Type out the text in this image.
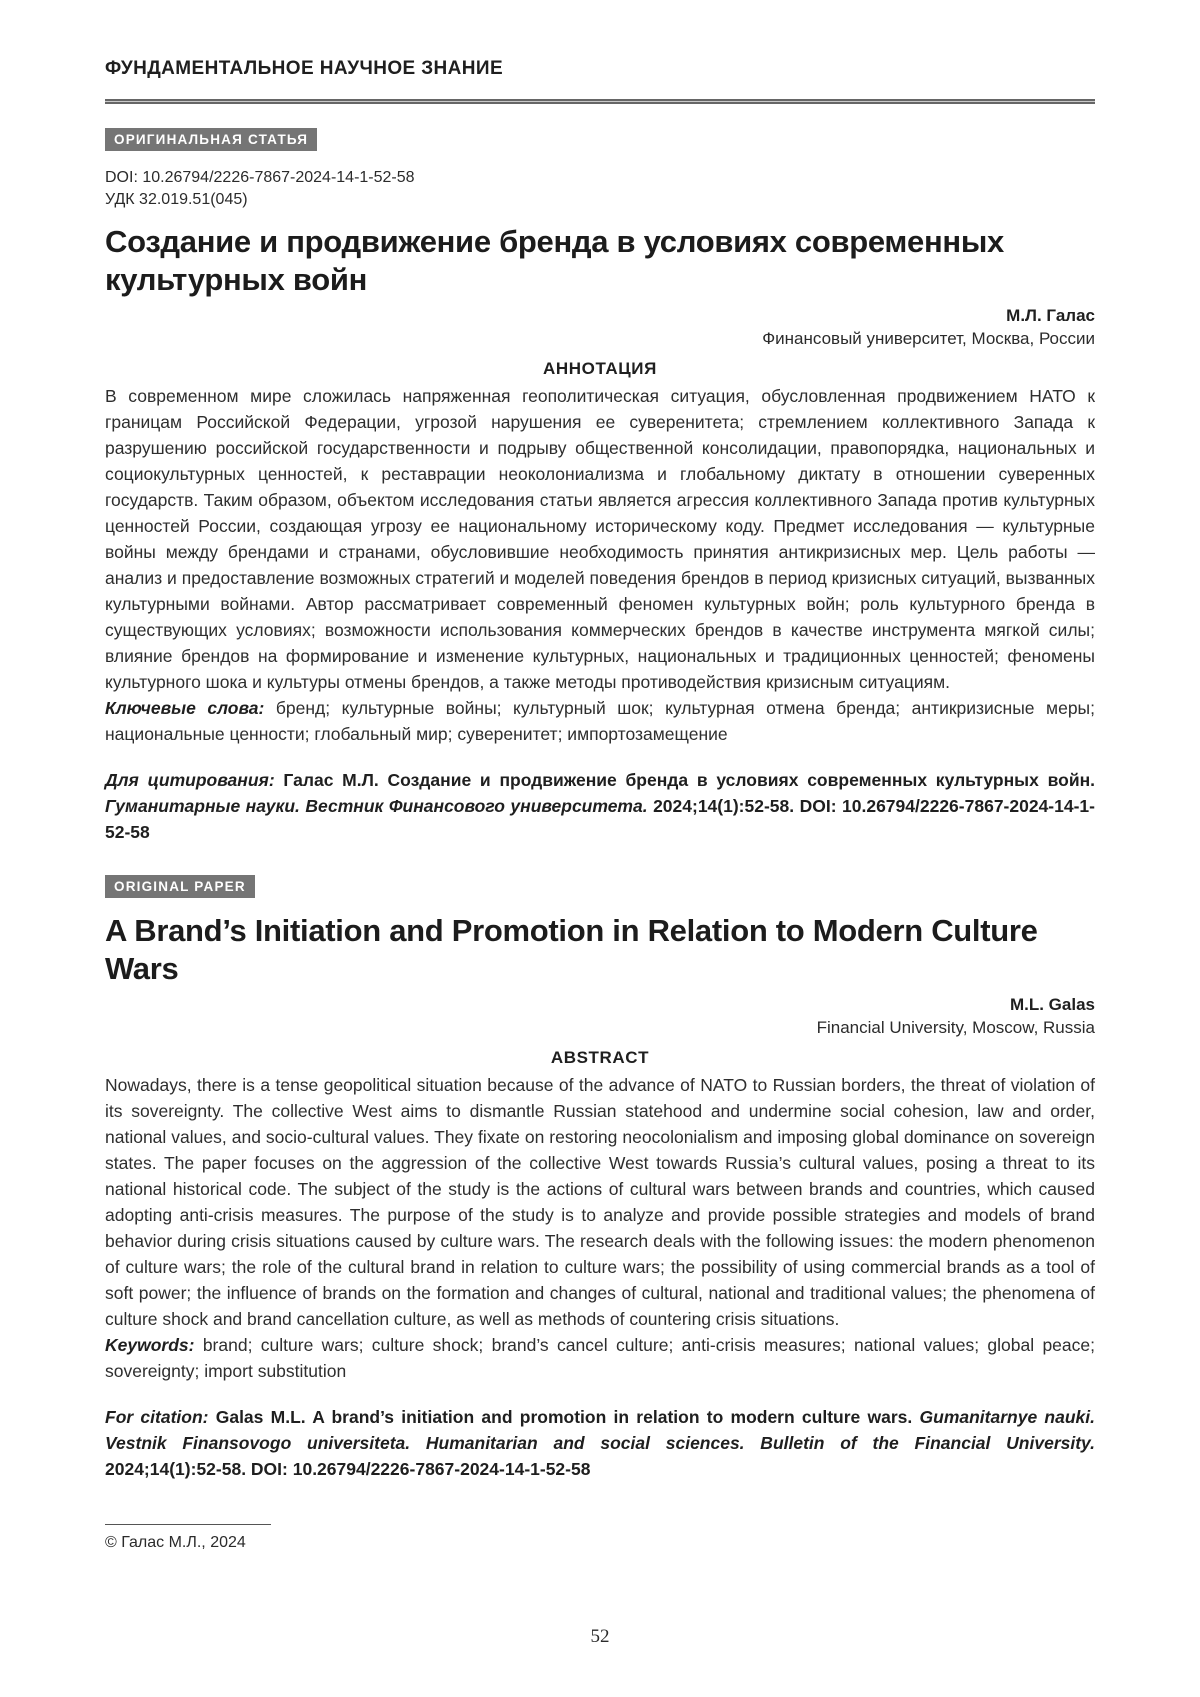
ФУНДАМЕНТАЛЬНОЕ НАУЧНОЕ ЗНАНИЕ
ОРИГИНАЛЬНАЯ СТАТЬЯ
DOI: 10.26794/2226-7867-2024-14-1-52-58
УДК 32.019.51(045)
Создание и продвижение бренда в условиях современных культурных войн
М.Л. Галас
Финансовый университет, Москва, России
АННОТАЦИЯ
В современном мире сложилась напряженная геополитическая ситуация, обусловленная продвижением НАТО к границам Российской Федерации, угрозой нарушения ее суверенитета; стремлением коллективного Запада к разрушению российской государственности и подрыву общественной консолидации, правопорядка, национальных и социокультурных ценностей, к реставрации неоколониализма и глобальному диктату в отношении суверенных государств. Таким образом, объектом исследования статьи является агрессия коллективного Запада против культурных ценностей России, создающая угрозу ее национальному историческому коду. Предмет исследования — культурные войны между брендами и странами, обусловившие необходимость принятия антикризисных мер. Цель работы — анализ и предоставление возможных стратегий и моделей поведения брендов в период кризисных ситуаций, вызванных культурными войнами. Автор рассматривает современный феномен культурных войн; роль культурного бренда в существующих условиях; возможности использования коммерческих брендов в качестве инструмента мягкой силы; влияние брендов на формирование и изменение культурных, национальных и традиционных ценностей; феномены культурного шока и культуры отмены брендов, а также методы противодействия кризисным ситуациям.
Ключевые слова: бренд; культурные войны; культурный шок; культурная отмена бренда; антикризисные меры; национальные ценности; глобальный мир; суверенитет; импортозамещение
Для цитирования: Галас М.Л. Создание и продвижение бренда в условиях современных культурных войн. Гуманитарные науки. Вестник Финансового университета. 2024;14(1):52-58. DOI: 10.26794/2226-7867-2024-14-1-52-58
ORIGINAL PAPER
A Brand’s Initiation and Promotion in Relation to Modern Culture Wars
M.L. Galas
Financial University, Moscow, Russia
ABSTRACT
Nowadays, there is a tense geopolitical situation because of the advance of NATO to Russian borders, the threat of violation of its sovereignty. The collective West aims to dismantle Russian statehood and undermine social cohesion, law and order, national values, and socio-cultural values. They fixate on restoring neocolonialism and imposing global dominance on sovereign states. The paper focuses on the aggression of the collective West towards Russia’s cultural values, posing a threat to its national historical code. The subject of the study is the actions of cultural wars between brands and countries, which caused adopting anti-crisis measures. The purpose of the study is to analyze and provide possible strategies and models of brand behavior during crisis situations caused by culture wars. The research deals with the following issues: the modern phenomenon of culture wars; the role of the cultural brand in relation to culture wars; the possibility of using commercial brands as a tool of soft power; the influence of brands on the formation and changes of cultural, national and traditional values; the phenomena of culture shock and brand cancellation culture, as well as methods of countering crisis situations.
Keywords: brand; culture wars; culture shock; brand’s cancel culture; anti-crisis measures; national values; global peace; sovereignty; import substitution
For citation: Galas M.L. A brand’s initiation and promotion in relation to modern culture wars. Gumanitarnye nauki. Vestnik Finansovogo universiteta. Humanitarian and social sciences. Bulletin of the Financial University. 2024;14(1):52-58. DOI: 10.26794/2226-7867-2024-14-1-52-58
© Галас М.Л., 2024
52
